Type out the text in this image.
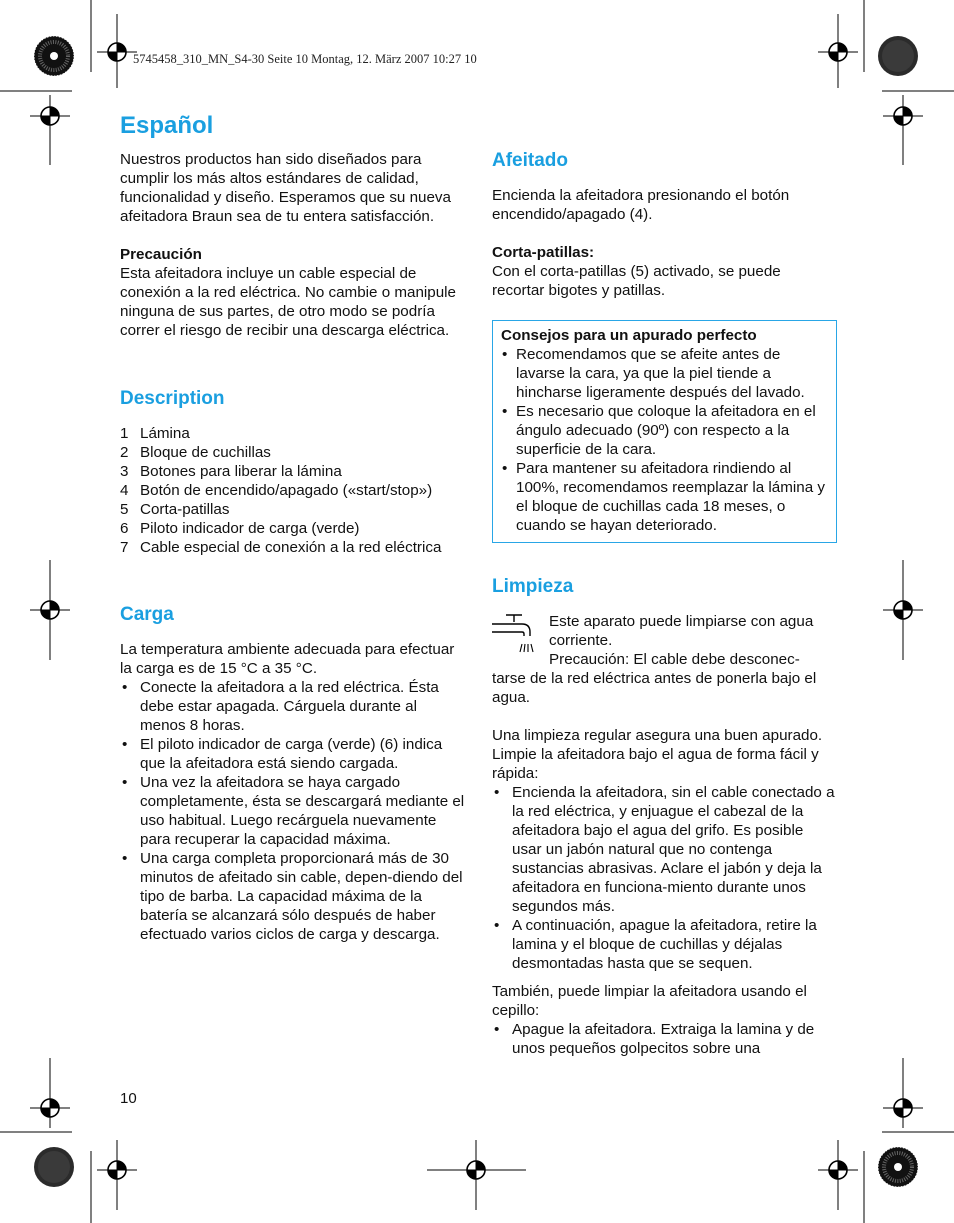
5745458_310_MN_S4-30 Seite 10 Montag, 12. März 2007 10:27 10
Español

Nuestros productos han sido diseñados para cumplir los más altos estándares de calidad, funcionalidad y diseño. Esperamos que su nueva afeitadora Braun sea de tu entera satisfacción.

Precaución

Esta afeitadora incluye un cable especial de conexión a la red eléctrica. No cambie o manipule ninguna de sus partes, de otro modo se podría correr el riesgo de recibir una descarga eléctrica.

Description
1 Lámina
2 Bloque de cuchillas
3 Botones para liberar la lámina
4 Botón de encendido/apagado («start/stop»)
5 Corta-patillas
6 Piloto indicador de carga (verde)
7 Cable especial de conexión a la red eléctrica
Carga

La temperatura ambiente adecuada para efectuar la carga es de 15 °C a 35 °C.

• Conecte la afeitadora a la red eléctrica. Ésta debe estar apagada. Cárguela durante al menos 8 horas.
• El piloto indicador de carga (verde) (6) indica que la afeitadora está siendo cargada.
• Una vez la afeitadora se haya cargado completamente, ésta se descargará mediante el uso habitual. Luego recárguela nuevamente para recuperar la capacidad máxima.
• Una carga completa proporcionará más de 30 minutos de afeitado sin cable, depen-diendo del tipo de barba. La capacidad máxima de la batería se alcanzará sólo después de haber efectuado varios ciclos de carga y descarga.
10
Afeitado

Encienda la afeitadora presionando el botón encendido/apagado (4).

Corta-patillas:

Con el corta-patillas (5) activado, se puede recortar bigotes y patillas.

Consejos para un apurado perfecto

• Recomendamos que se afeite antes de lavarse la cara, ya que la piel tiende a hincharse ligeramente después del lavado.
• Es necesario que coloque la afeitadora en el ángulo adecuado (90º) con respecto a la superficie de la cara.
• Para mantener su afeitadora rindiendo al 100%, recomendamos reemplazar la lámina y el bloque de cuchillas cada 18 meses, o cuando se hayan deteriorado.
Limpieza

Este aparato puede limpiarse con agua corriente.

Precaución: El cable debe desconec-

tarse de la red eléctrica antes de ponerla bajo el agua.

Una limpieza regular asegura una buen apurado. Limpie la afeitadora bajo el agua de forma fácil y rápida:

• Encienda la afeitadora, sin el cable conectado a la red eléctrica, y enjuague el cabezal de la afeitadora bajo el agua del grifo. Es posible usar un jabón natural que no contenga sustancias abrasivas. Aclare el jabón y deja la afeitadora en funciona-miento durante unos segundos más.
• A continuación, apague la afeitadora, retire la lamina y el bloque de cuchillas y déjalas desmontadas hasta que se sequen.

También, puede limpiar la afeitadora usando el cepillo:

• Apague la afeitadora. Extraiga la lamina y de unos pequeños golpecitos sobre una
